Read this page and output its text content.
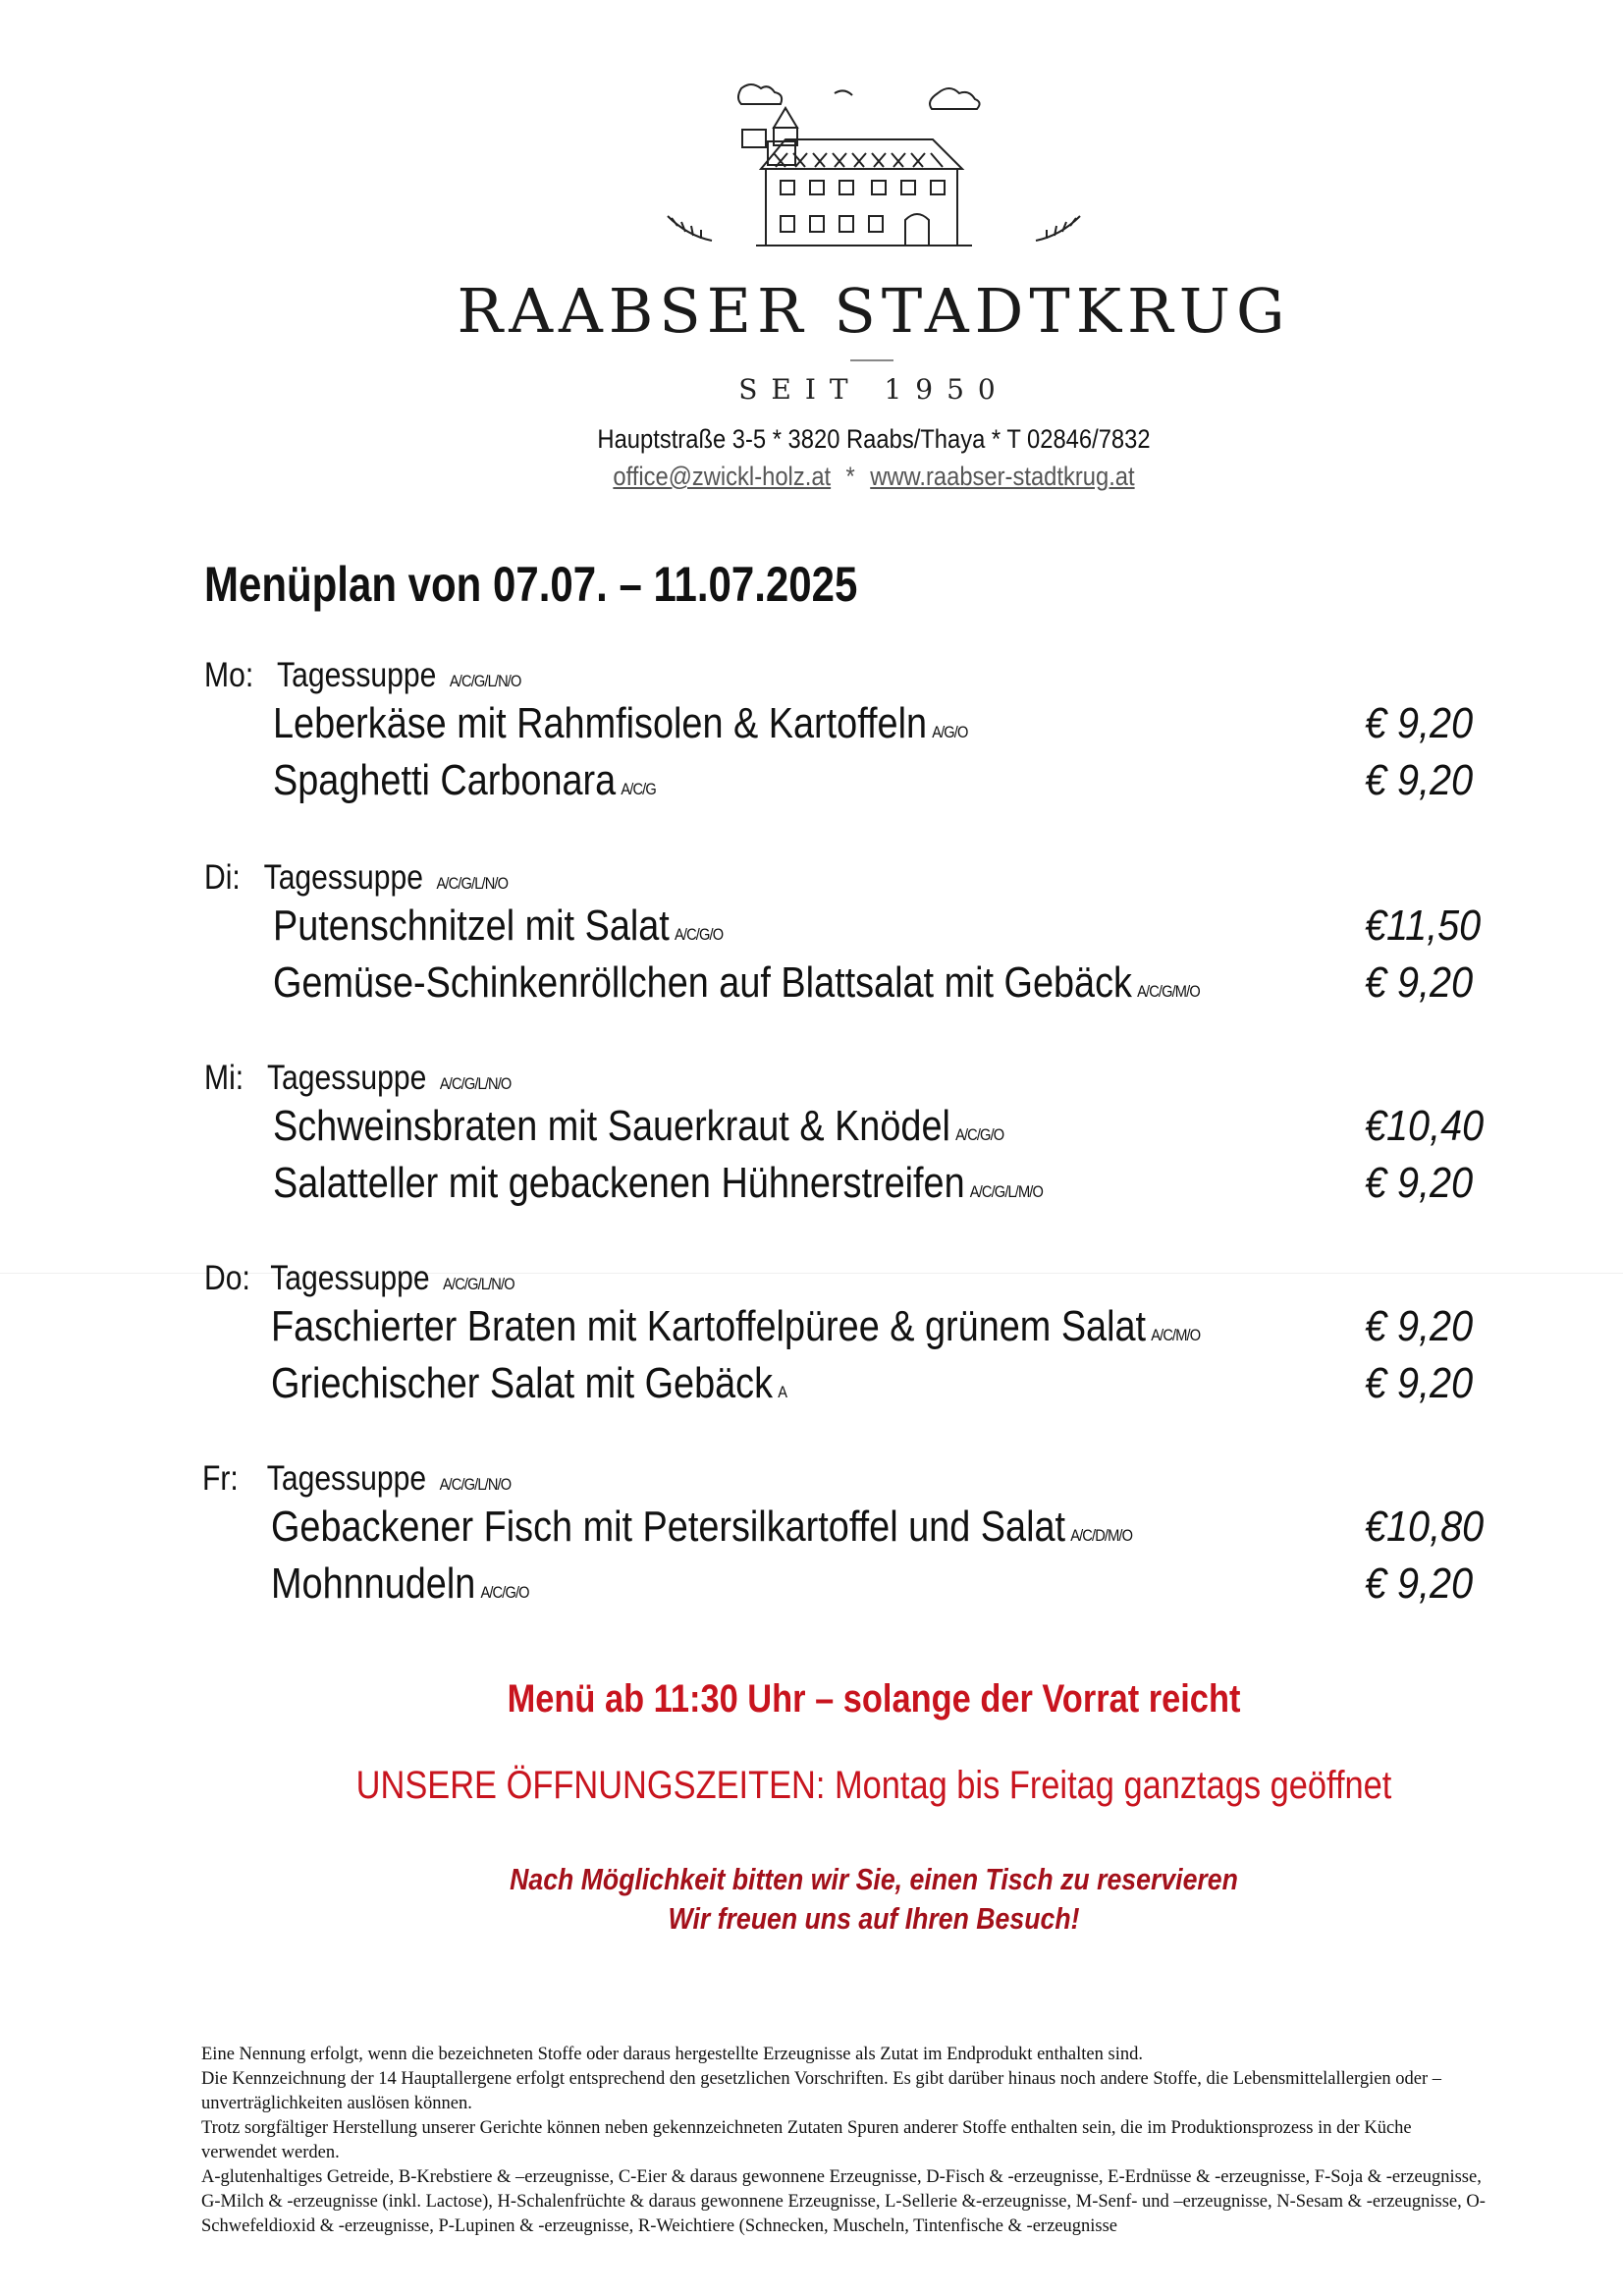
RAABSER STADTKRUG
SEIT 1950
Hauptstraße 3-5 * 3820 Raabs/Thaya * T 02846/7832
office@zwickl-holz.at * www.raabser-stadtkrug.at
Menüplan von 07.07. – 11.07.2025
Mo: Tagessuppe A/C/G/L/N/O
Leberkäse mit Rahmfisolen & Kartoffeln A/G/O	€ 9,20
Spaghetti Carbonara A/C/G	€ 9,20
Di: Tagessuppe A/C/G/L/N/O
Putenschnitzel mit Salat A/C/G/O	€11,50
Gemüse-Schinkenröllchen auf Blattsalat mit Gebäck A/C/G/M/O	€ 9,20
Mi: Tagessuppe A/C/G/L/N/O
Schweinsbraten mit Sauerkraut & Knödel A/C/G/O	€10,40
Salatteller mit gebackenen Hühnerstreifen A/C/G/L/M/O	€ 9,20
Do: Tagessuppe A/C/G/L/N/O
Faschierter Braten mit Kartoffelpüree & grünem Salat A/C/M/O	€ 9,20
Griechischer Salat mit Gebäck A	€ 9,20
Fr: Tagessuppe A/C/G/L/N/O
Gebackener Fisch mit Petersilkartoffel und Salat A/C/D/M/O	€10,80
Mohnnudeln A/C/G/O	€ 9,20
Menü ab 11:30 Uhr – solange der Vorrat reicht
UNSERE ÖFFNUNGSZEITEN: Montag bis Freitag ganztags geöffnet
Nach Möglichkeit bitten wir Sie, einen Tisch zu reservieren
Wir freuen uns auf Ihren Besuch!

Eine Nennung erfolgt, wenn die bezeichneten Stoffe oder daraus hergestellte Erzeugnisse als Zutat im Endprodukt enthalten sind.

Die Kennzeichnung der 14 Hauptallergene erfolgt entsprechend den gesetzlichen Vorschriften. Es gibt darüber hinaus noch andere Stoffe, die Lebensmittelallergien oder –unverträglichkeiten auslösen können.

Trotz sorgfältiger Herstellung unserer Gerichte können neben gekennzeichneten Zutaten Spuren anderer Stoffe enthalten sein, die im Produktionsprozess in der Küche verwendet werden.

A-glutenhaltiges Getreide, B-Krebstiere & –erzeugnisse, C-Eier & daraus gewonnene Erzeugnisse, D-Fisch & -erzeugnisse, E-Erdnüsse & -erzeugnisse, F-Soja & -erzeugnisse, G-Milch & -erzeugnisse (inkl. Lactose), H-Schalenfrüchte & daraus gewonnene Erzeugnisse, L-Sellerie &-erzeugnisse, M-Senf- und –erzeugnisse, N-Sesam & -erzeugnisse, O-Schwefeldioxid & -erzeugnisse, P-Lupinen & -erzeugnisse, R-Weichtiere (Schnecken, Muscheln, Tintenfische & -erzeugnisse
